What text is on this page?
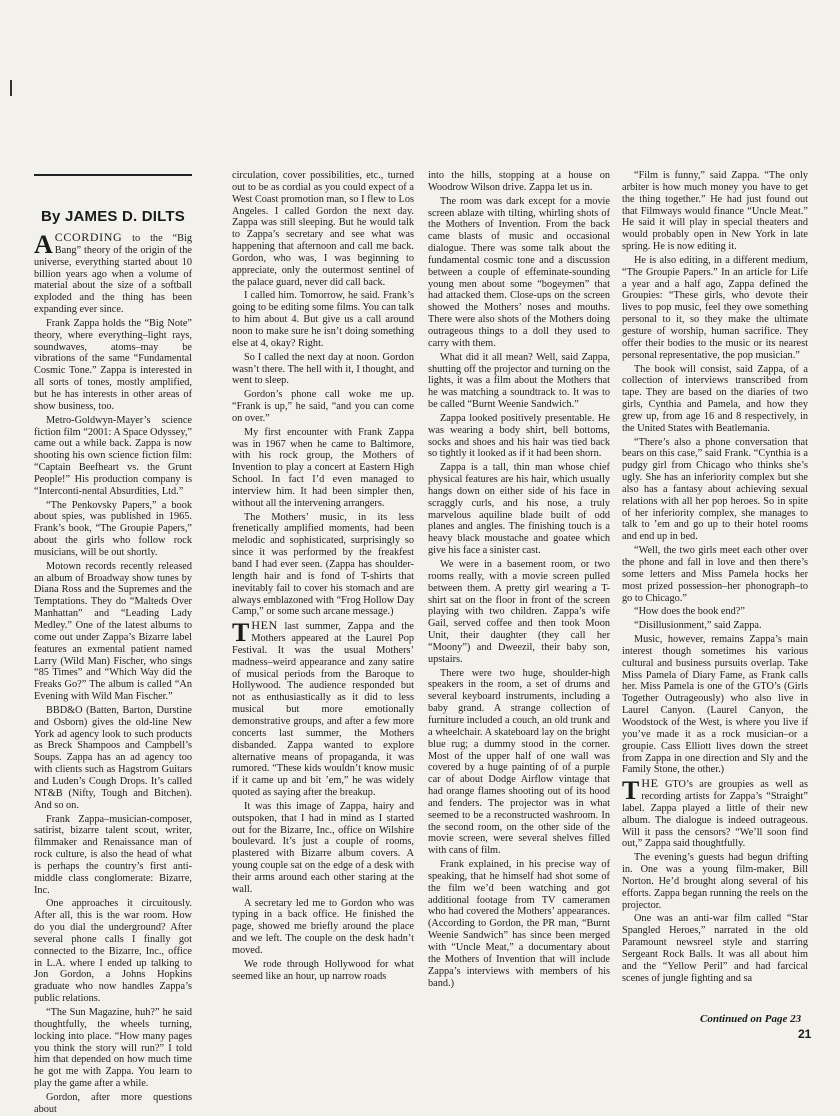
By JAMES D. DILTS

ACCORDING to the “Big Bang” theory of the origin of the universe, everything started about 10 billion years ago when a volume of material about the size of a softball exploded and the thing has been expanding ever since.

Frank Zappa holds the “Big Note” theory, where everything–light rays, soundwaves, atoms–may be vibrations of the same “Fundamental Cosmic Tone.” Zappa is interested in all sorts of tones, mostly amplified, but he has interests in other areas of show business, too.

Metro-Goldwyn-Mayer’s science fiction film “2001: A Space Odyssey,” came out a while back. Zappa is now shooting his own science fiction film: “Captain Beefheart vs. the Grunt People!” His production company is “Interconti-nental Absurdities, Ltd.”

“The Penkovsky Papers,” a book about spies, was published in 1965. Frank’s book, “The Groupie Papers,” about the girls who follow rock musicians, will be out shortly.

Motown records recently released an album of Broadway show tunes by Diana Ross and the Supremes and the Temptations. They do “Malteds Over Manhattan” and “Leading Lady Medley.” One of the latest albums to come out under Zappa’s Bizarre label features an exmental patient named Larry (Wild Man) Fischer, who sings “85 Times” and “Which Way did the Freaks Go?” The album is called “An Evening with Wild Man Fischer.”

BBD&O (Batten, Barton, Durstine and Osborn) gives the old-line New York ad agency look to such products as Breck Shampoos and Campbell’s Soups. Zappa has an ad agency too with clients such as Hagstrom Guitars and Luden’s Cough Drops. It’s called NT&B (Nifty, Tough and Bitchen). And so on.

Frank Zappa–musician-composer, satirist, bizarre talent scout, writer, filmmaker and Renaissance man of rock culture, is also the head of what is perhaps the country’s first anti-middle class conglomerate: Bizarre, Inc.

One approaches it circuitously. After all, this is the war room. How do you dial the underground? After several phone calls I finally got connected to the Bizarre, Inc., office in L.A. where I ended up talking to Jon Gordon, a Johns Hopkins graduate who now handles Zappa’s public relations.

“The Sun Magazine, huh?” he said thoughtfully, the wheels turning, locking into place. “How many pages you think the story will run?” I told him that depended on how much time he got me with Zappa. You learn to play the game after a while.

Gordon, after more questions about

circulation, cover possibilities, etc., turned out to be as cordial as you could expect of a West Coast promotion man, so I flew to Los Angeles. I called Gordon the next day. Zappa was still sleeping. But he would talk to Zappa’s secretary and see what was happening that afternoon and call me back. Gordon, who was, I was beginning to appreciate, only the outermost sentinel of the palace guard, never did call back.

I called him. Tomorrow, he said. Frank’s going to be editing some films. You can talk to him about 4. But give us a call around noon to make sure he isn’t doing something else at 4, okay? Right.

So I called the next day at noon. Gordon wasn’t there. The hell with it, I thought, and went to sleep.

Gordon’s phone call woke me up. “Frank is up,” he said, “and you can come on over.”

My first encounter with Frank Zappa was in 1967 when he came to Baltimore, with his rock group, the Mothers of Invention to play a concert at Eastern High School. In fact I’d even managed to interview him. It had been simpler then, without all the intervening arrangers.

The Mothers’ music, in its less frenetically amplified moments, had been melodic and sophisticated, surprisingly so since it was performed by the freakfest band I had ever seen. (Zappa has shoulder-length hair and is fond of T-shirts that inevitably fail to cover his stomach and are always emblazoned with “Frog Hollow Day Camp,” or some such arcane message.)

THEN last summer, Zappa and the Mothers appeared at the Laurel Pop Festival. It was the usual Mothers’ madness–weird appearance and zany satire of musical periods from the Baroque to Hollywood. The audience responded but not as enthusiastically as it did to less musical but more emotionally demonstrative groups, and after a few more concerts last summer, the Mothers disbanded. Zappa wanted to explore alternative means of propaganda, it was rumored. “These kids wouldn’t know music if it came up and bit ’em,” he was widely quoted as saying after the breakup.

It was this image of Zappa, hairy and outspoken, that I had in mind as I started out for the Bizarre, Inc., office on Wilshire boulevard. It’s just a couple of rooms, plastered with Bizarre album covers. A young couple sat on the edge of a desk with their arms around each other staring at the wall.

A secretary led me to Gordon who was typing in a back office. He finished the page, showed me briefly around the place and we left. The couple on the desk hadn’t moved.

We rode through Hollywood for what seemed like an hour, up narrow roads

into the hills, stopping at a house on Woodrow Wilson drive. Zappa let us in.

The room was dark except for a movie screen ablaze with tilting, whirling shots of the Mothers of Invention. From the back came blasts of music and occasional dialogue. There was some talk about the fundamental cosmic tone and a discussion between a couple of effeminate-sounding young men about some “bogeymen” that had attacked them. Close-ups on the screen showed the Mothers’ noses and mouths. There were also shots of the Mothers doing outrageous things to a doll they used to carry with them.

What did it all mean? Well, said Zappa, shutting off the projector and turning on the lights, it was a film about the Mothers that he was matching a soundtrack to. It was to be called “Burnt Weenie Sandwich.”

Zappa looked positively presentable. He was wearing a body shirt, bell bottoms, socks and shoes and his hair was tied back so tightly it looked as if it had been shorn.

Zappa is a tall, thin man whose chief physical features are his hair, which usually hangs down on either side of his face in scraggly curls, and his nose, a truly marvelous aquiline blade built of odd planes and angles. The finishing touch is a heavy black moustache and goatee which give his face a sinister cast.

We were in a basement room, or two rooms really, with a movie screen pulled between them. A pretty girl wearing a T-shirt sat on the floor in front of the screen playing with two children. Zappa’s wife Gail, served coffee and then took Moon Unit, their daughter (they call her “Moony”) and Dweezil, their baby son, upstairs.

There were two huge, shoulder-high speakers in the room, a set of drums and several keyboard instruments, including a baby grand. A strange collection of furniture included a couch, an old trunk and a wheelchair. A skateboard lay on the bright blue rug; a dummy stood in the corner. Most of the upper half of one wall was covered by a huge painting of of a purple car of about Dodge Airflow vintage that had orange flames shooting out of its hood and fenders. The projector was in what seemed to be a reconstructed washroom. In the second room, on the other side of the movie screen, were several shelves filled with cans of film.

Frank explained, in his precise way of speaking, that he himself had shot some of the film we’d been watching and got additional footage from TV cameramen who had covered the Mothers’ appearances. (According to Gordon, the PR man, “Burnt Weenie Sandwich” has since been merged with “Uncle Meat,” a documentary about the Mothers of Invention that will include Zappa’s interviews with members of his band.)

“Film is funny,” said Zappa. “The only arbiter is how much money you have to get the thing together.” He had just found out that Filmways would finance “Uncle Meat.” He said it will play in special theaters and would probably open in New York in late spring. He is now editing it.

He is also editing, in a different medium, “The Groupie Papers.” In an article for Life a year and a half ago, Zappa defined the Groupies: “These girls, who devote their lives to pop music, feel they owe something personal to it, so they make the ultimate gesture of worship, human sacrifice. They offer their bodies to the music or its nearest personal representative, the pop musician.”

The book will consist, said Zappa, of a collection of interviews transcribed from tape. They are based on the diaries of two girls, Cynthia and Pamela, and how they grew up, from age 16 and 8 respectively, in the United States with Beatlemania.

“There’s also a phone conversation that bears on this case,” said Frank. “Cynthia is a pudgy girl from Chicago who thinks she’s ugly. She has an inferiority complex but she also has a fantasy about achieving sexual relations with all her pop heroes. So in spite of her inferiority complex, she manages to talk to ’em and go up to their hotel rooms and end up in bed.

“Well, the two girls meet each other over the phone and fall in love and then there’s some letters and Miss Pamela hocks her most prized possession–her phonograph–to go to Chicago.”

“How does the book end?”

“Disillusionment,” said Zappa.

Music, however, remains Zappa’s main interest though sometimes his various cultural and business pursuits overlap. Take Miss Pamela of Diary Fame, as Frank calls her. Miss Pamela is one of the GTO’s (Girls Together Outrageously) who also live in Laurel Canyon. (Laurel Canyon, the Woodstock of the West, is where you live if you’ve made it as a rock musician–or a groupie. Cass Elliott lives down the street from Zappa in one direction and Sly and the Family Stone, the other.)

THE GTO’s are groupies as well as recording artists for Zappa’s “Straight” label. Zappa played a little of their new album. The dialogue is indeed outrageous. Will it pass the censors? “We’ll soon find out,” Zappa said thoughtfully.

The evening’s guests had begun drifting in. One was a young film-maker, Bill Norton. He’d brought along several of his efforts. Zappa began running the reels on the projector.

One was an anti-war film called “Star Spangled Heroes,” narrated in the old Paramount newsreel style and starring Sergeant Rock Balls. It was all about him and the “Yellow Peril” and had farcical scenes of jungle fighting and sa

Continued on Page 23
21
